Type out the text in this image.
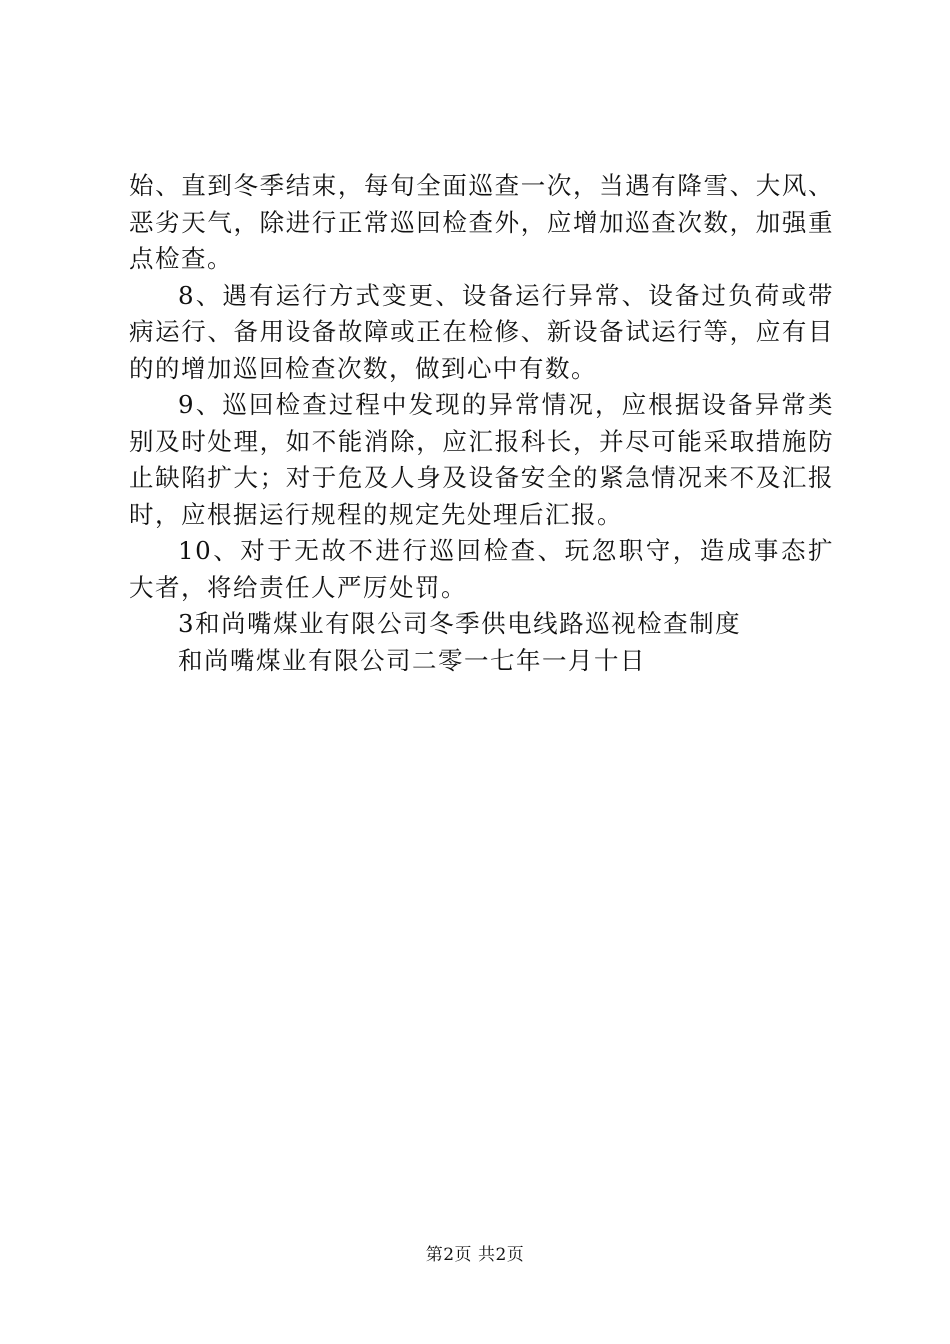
始、直到冬季结束，每旬全面巡查一次，当遇有降雪、大风、恶劣天气，除进行正常巡回检查外，应增加巡查次数，加强重点检查。

8、遇有运行方式变更、设备运行异常、设备过负荷或带病运行、备用设备故障或正在检修、新设备试运行等，应有目的的增加巡回检查次数，做到心中有数。

9、巡回检查过程中发现的异常情况，应根据设备异常类别及时处理，如不能消除，应汇报科长，并尽可能采取措施防止缺陷扩大；对于危及人身及设备安全的紧急情况来不及汇报时，应根据运行规程的规定先处理后汇报。

10、对于无故不进行巡回检查、玩忽职守，造成事态扩大者，将给责任人严厉处罚。

3和尚嘴煤业有限公司冬季供电线路巡视检查制度

和尚嘴煤业有限公司二零一七年一月十日

第2页 共2页
